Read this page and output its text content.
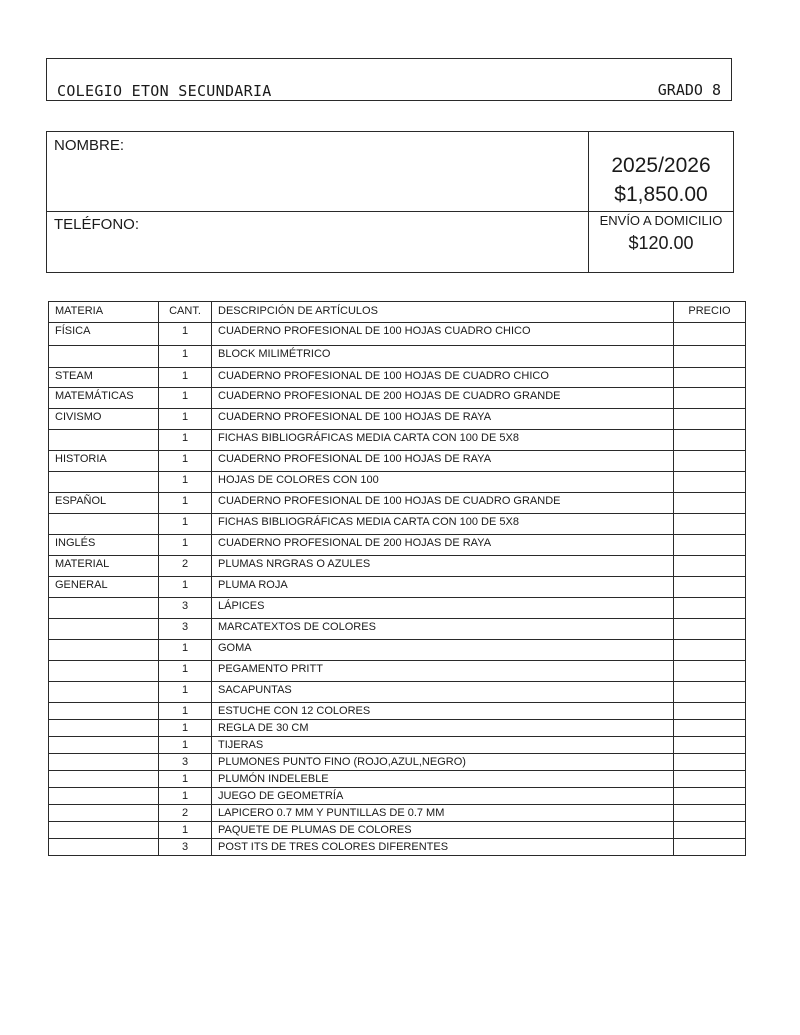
COLEGIO ETON SECUNDARIA	GRADO 8
NOMBRE:
TELÉFONO:
2025/2026
$1,850.00
ENVÍO A DOMICILIO
$120.00
MATERIA	CANT.	DESCRIPCIÓN DE ARTÍCULOS	PRECIO
FÍSICA	1	CUADERNO PROFESIONAL DE 100 HOJAS CUADRO CHICO	
	1	BLOCK MILIMÉTRICO	
STEAM	1	CUADERNO PROFESIONAL DE 100 HOJAS DE CUADRO CHICO	
MATEMÁTICAS	1	CUADERNO PROFESIONAL DE 200 HOJAS DE CUADRO GRANDE	
CIVISMO	1	CUADERNO PROFESIONAL DE 100 HOJAS DE RAYA	
	1	FICHAS BIBLIOGRÁFICAS MEDIA CARTA CON 100 DE 5X8	
HISTORIA	1	CUADERNO PROFESIONAL DE 100 HOJAS DE RAYA	
	1	HOJAS DE COLORES CON 100	
ESPAÑOL	1	CUADERNO PROFESIONAL DE 100 HOJAS DE CUADRO GRANDE	
	1	FICHAS BIBLIOGRÁFICAS MEDIA CARTA CON 100 DE 5X8	
INGLÉS	1	CUADERNO PROFESIONAL DE 200 HOJAS DE RAYA	
MATERIAL	2	PLUMAS NRGRAS O AZULES	
GENERAL	1	PLUMA ROJA	
	3	LÁPICES	
	3	MARCATEXTOS DE COLORES	
	1	GOMA	
	1	PEGAMENTO PRITT	
	1	SACAPUNTAS	
	1	ESTUCHE CON 12 COLORES	
	1	REGLA DE 30 CM	
	1	TIJERAS	
	3	PLUMONES PUNTO FINO (ROJO,AZUL,NEGRO)	
	1	PLUMÓN INDELEBLE	
	1	JUEGO DE GEOMETRÍA	
	2	LAPICERO 0.7 MM Y PUNTILLAS DE 0.7 MM	
	1	PAQUETE DE PLUMAS DE COLORES	
	3	POST ITS DE TRES COLORES DIFERENTES	
